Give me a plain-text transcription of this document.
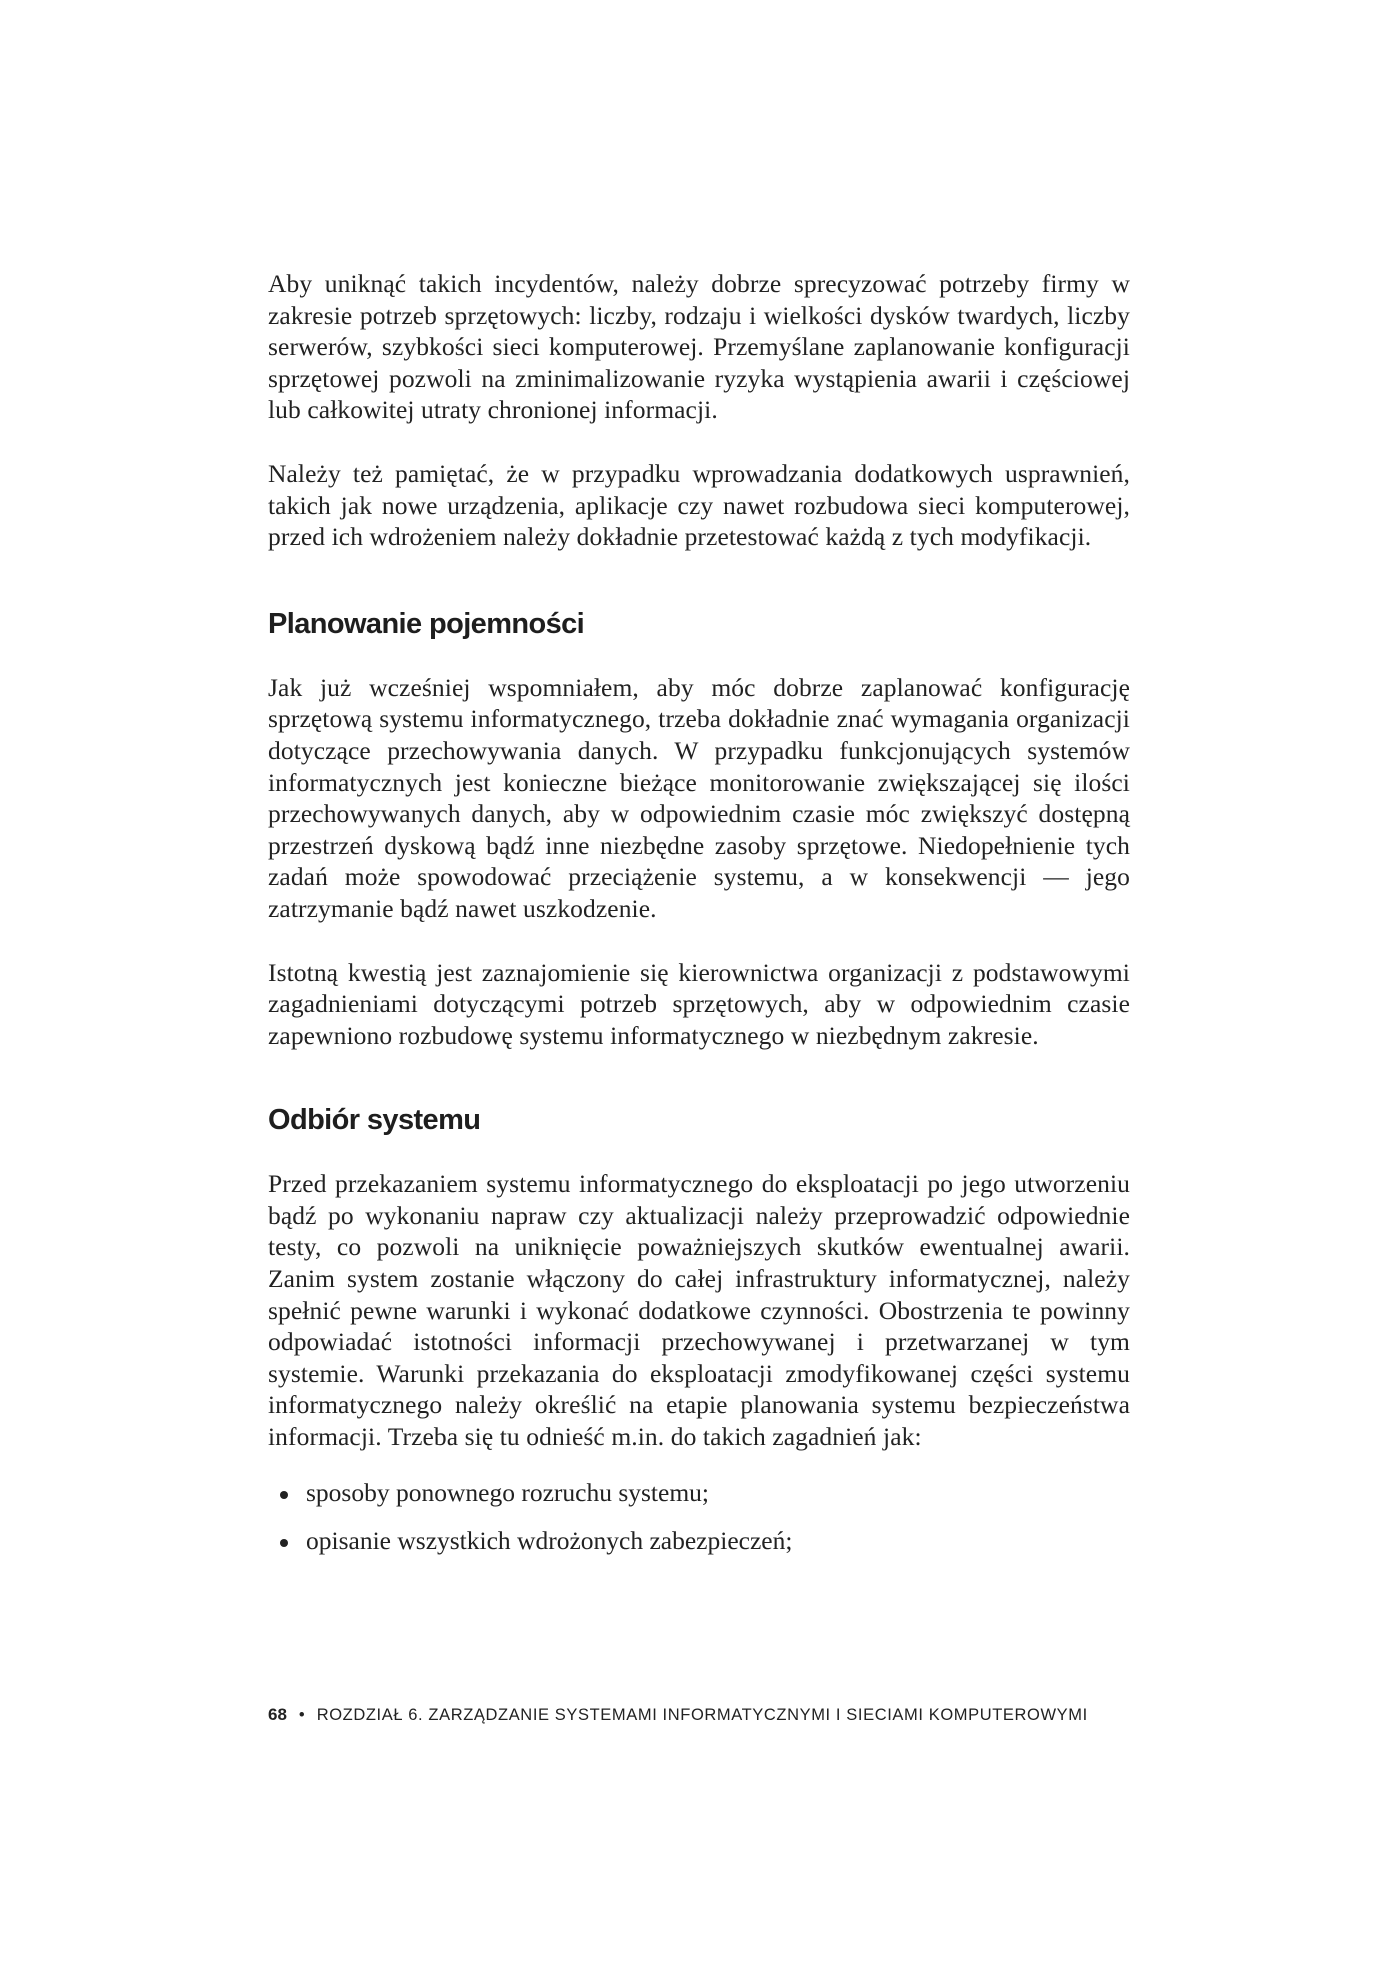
Aby uniknąć takich incydentów, należy dobrze sprecyzować potrzeby firmy w zakresie potrzeb sprzętowych: liczby, rodzaju i wielkości dysków twardych, liczby serwerów, szybkości sieci komputerowej. Przemyślane zaplanowanie konfiguracji sprzętowej pozwoli na zminimalizowanie ryzyka wystąpienia awarii i częściowej lub całkowitej utraty chronionej informacji.

Należy też pamiętać, że w przypadku wprowadzania dodatkowych usprawnień, takich jak nowe urządzenia, aplikacje czy nawet rozbudowa sieci komputerowej, przed ich wdrożeniem należy dokładnie przetestować każdą z tych modyfikacji.

Planowanie pojemności

Jak już wcześniej wspomniałem, aby móc dobrze zaplanować konfigurację sprzętową systemu informatycznego, trzeba dokładnie znać wymagania organizacji dotyczące przechowywania danych. W przypadku funkcjonujących systemów informatycznych jest konieczne bieżące monitorowanie zwiększającej się ilości przechowywanych danych, aby w odpowiednim czasie móc zwiększyć dostępną przestrzeń dyskową bądź inne niezbędne zasoby sprzętowe. Niedopełnienie tych zadań może spowodować przeciążenie systemu, a w konsekwencji — jego zatrzymanie bądź nawet uszkodzenie.

Istotną kwestią jest zaznajomienie się kierownictwa organizacji z podstawowymi zagadnieniami dotyczącymi potrzeb sprzętowych, aby w odpowiednim czasie zapewniono rozbudowę systemu informatycznego w niezbędnym zakresie.

Odbiór systemu

Przed przekazaniem systemu informatycznego do eksploatacji po jego utworzeniu bądź po wykonaniu napraw czy aktualizacji należy przeprowadzić odpowiednie testy, co pozwoli na uniknięcie poważniejszych skutków ewentualnej awarii. Zanim system zostanie włączony do całej infrastruktury informatycznej, należy spełnić pewne warunki i wykonać dodatkowe czynności. Obostrzenia te powinny odpowiadać istotności informacji przechowywanej i przetwarzanej w tym systemie. Warunki przekazania do eksploatacji zmodyfikowanej części systemu informatycznego należy określić na etapie planowania systemu bezpieczeństwa informacji. Trzeba się tu odnieść m.in. do takich zagadnień jak:

sposoby ponownego rozruchu systemu;
opisanie wszystkich wdrożonych zabezpieczeń;
68 • ROZDZIAŁ 6. ZARZĄDZANIE SYSTEMAMI INFORMATYCZNYMI I SIECIAMI KOMPUTEROWYMI
